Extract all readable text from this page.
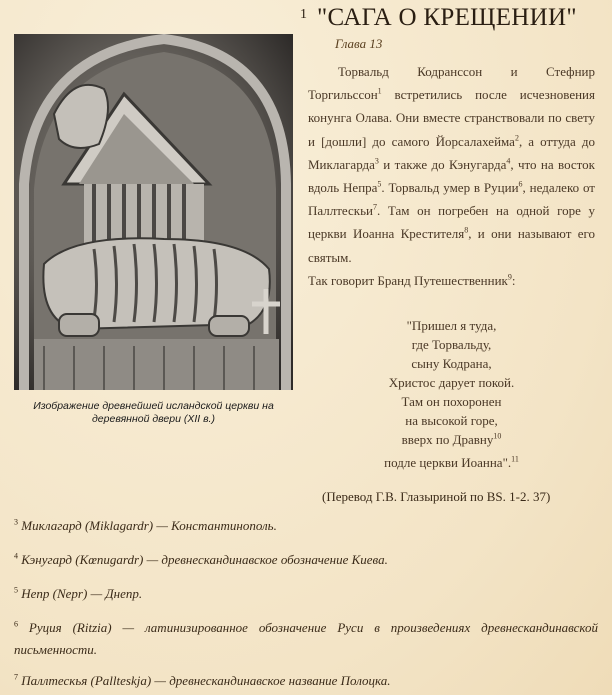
Изображение древнейшей исландской церкви на деревянной двери (XII в.)
1 "САГА О КРЕЩЕНИИ"
Глава 13

Торвальд Кодранссон и Стефнир Торгильссон$^1$ встретились после исчезновения конунга Олава. Они вместе странствовали по свету и [дошли] до самого Йорсалахейма$^2$, а оттуда до Миклагарда$^3$ и также до Кэнугарда$^4$, что на восток вдоль Непра$^5$. Торвальд умер в Руции$^6$, недалеко от Паллтескьи$^7$. Там он погребен на одной горе у церкви Иоанна Крестителя$^8$, и они называют его святым.

Так говорит Бранд Путешественник$^9$:

"Пришел я туда,
где Торвальду,
сыну Кодрана,
Христос дарует покой.
Там он похоронен
на высокой горе,
вверх по Дравну$^{10}$
подле церкви Иоанна".$^{11}$
(Перевод Г.В. Глазыриной по BS. 1-2. 37)
$^3$ Миклагард (Miklagardr) — Константинополь.
$^4$ Кэнугард (Kœnugardr) — древнескандинавское обозначение Киева.
$^5$ Непр (Nepr) — Днепр.
$^6$ Руция (Ritzia) — латинизированное обозначение Руси в произведениях древнескандинавской письменности.
$^7$ Паллтескья (Pallteskja) — древнескандинавское название Полоцка.
